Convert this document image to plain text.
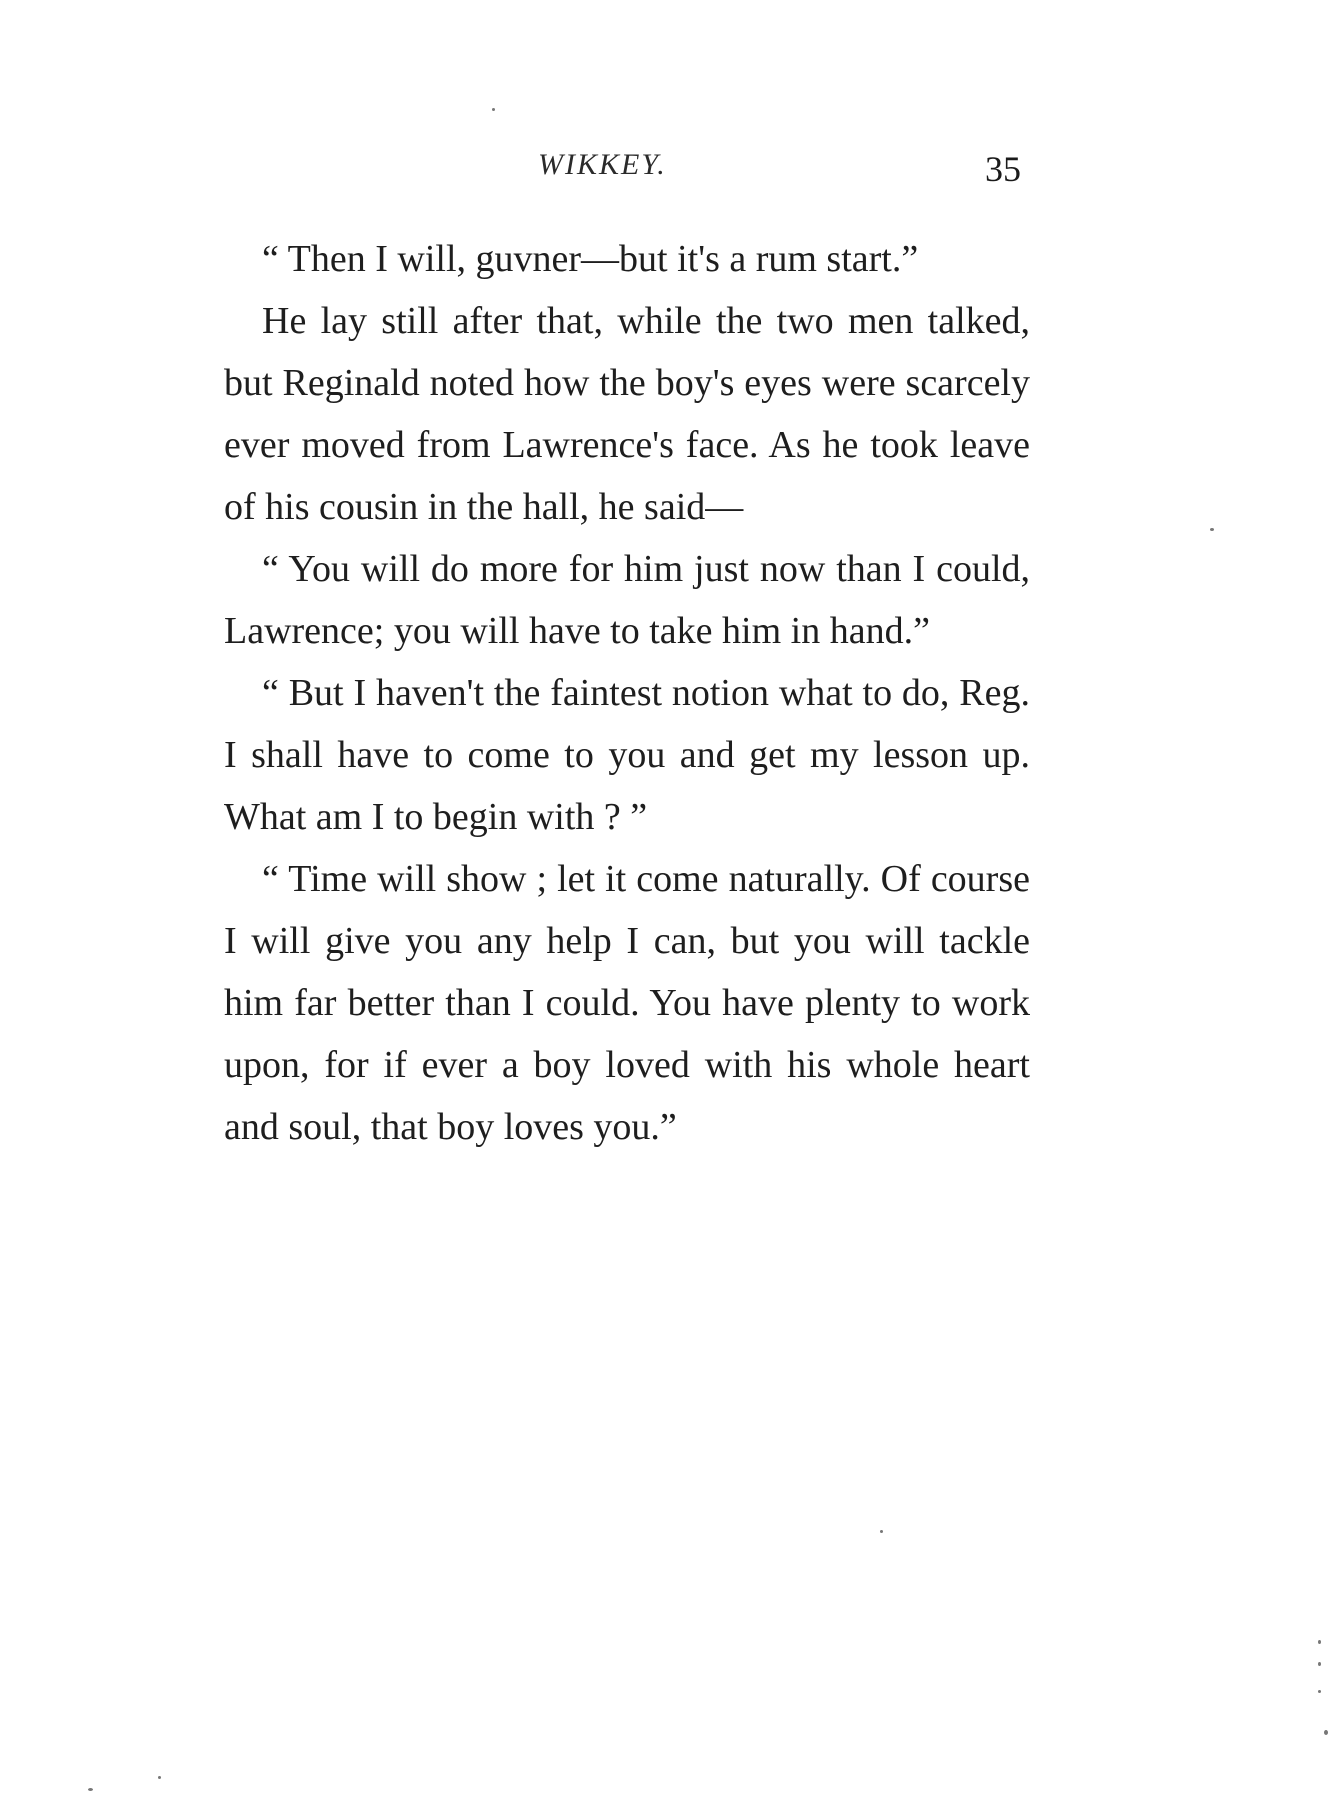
WIKKEY.	35

“ Then I will, guvner—but it's a rum start.”

He lay still after that, while the two men talked, but Reginald noted how the boy's eyes were scarcely ever moved from Lawrence's face. As he took leave of his cousin in the hall, he said—

“ You will do more for him just now than I could, Lawrence; you will have to take him in hand.”

“ But I haven't the faintest notion what to do, Reg. I shall have to come to you and get my lesson up. What am I to begin with ? ”

“ Time will show ; let it come naturally. Of course I will give you any help I can, but you will tackle him far better than I could. You have plenty to work upon, for if ever a boy loved with his whole heart and soul, that boy loves you.”
